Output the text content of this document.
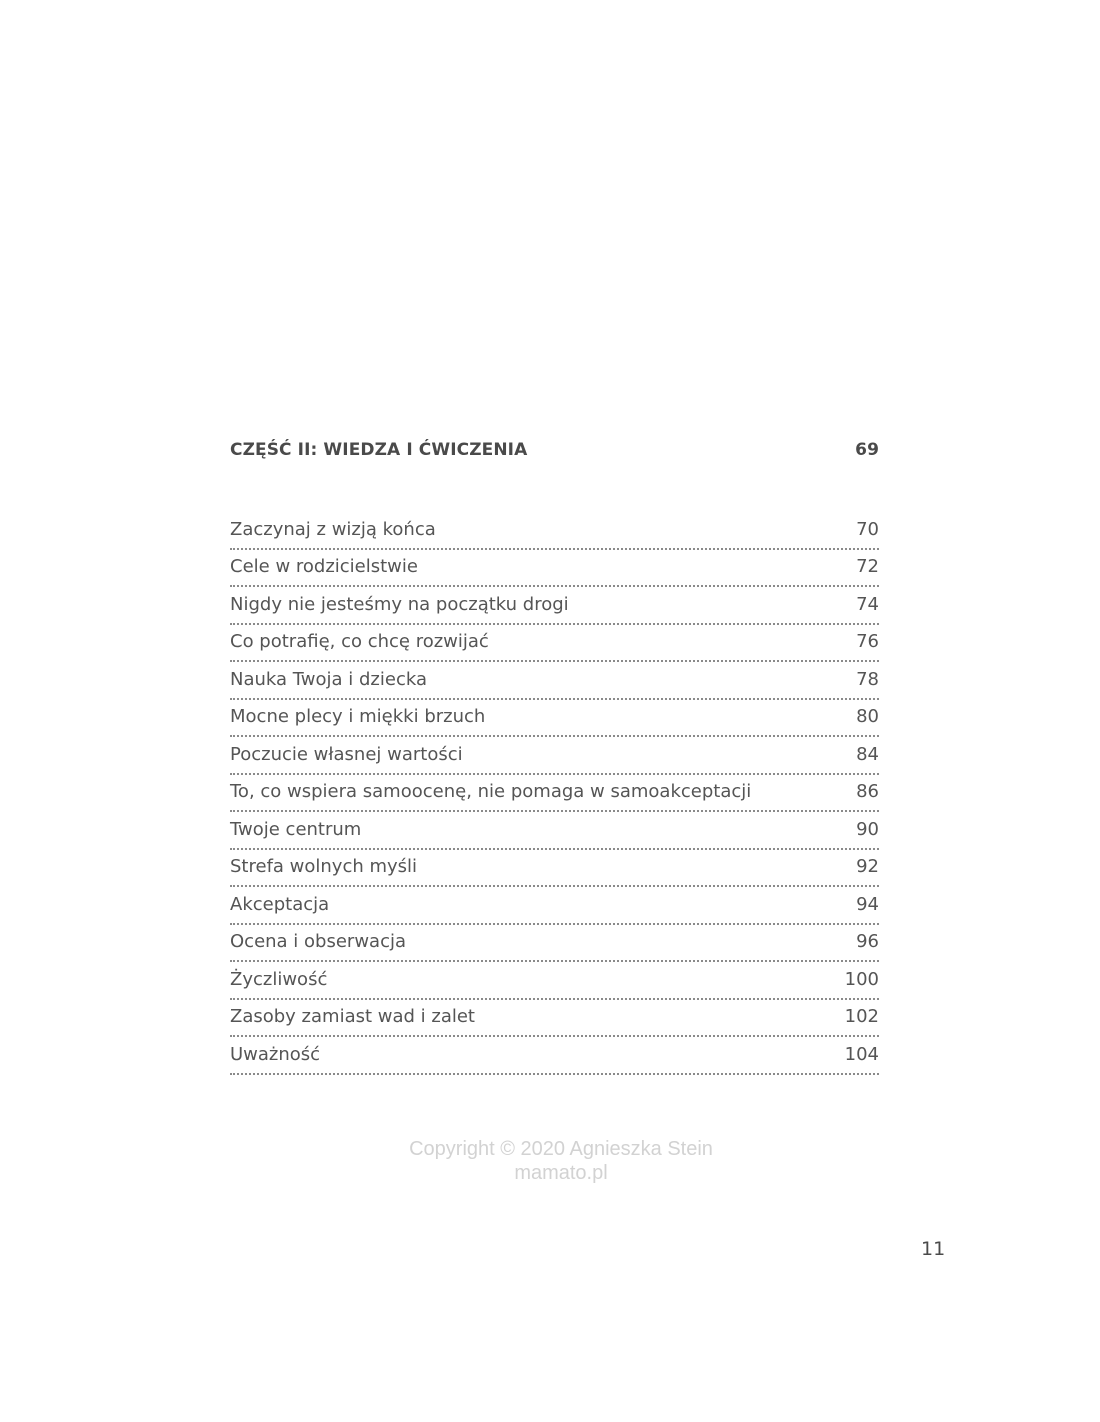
CZĘŚĆ II: WIEDZA I ĆWICZENIA	69
Zaczynaj z wizją końca	70
Cele w rodzicielstwie	72
Nigdy nie jesteśmy na początku drogi	74
Co potrafię, co chcę rozwijać	76
Nauka Twoja i dziecka	78
Mocne plecy i miękki brzuch	80
Poczucie własnej wartości	84
To, co wspiera samoocenę, nie pomaga w samoakceptacji	86
Twoje centrum	90
Strefa wolnych myśli	92
Akceptacja	94
Ocena i obserwacja	96
Życzliwość	100
Zasoby zamiast wad i zalet	102
Uważność	104
Copyright © 2020 Agnieszka Stein
mamato.pl
11
